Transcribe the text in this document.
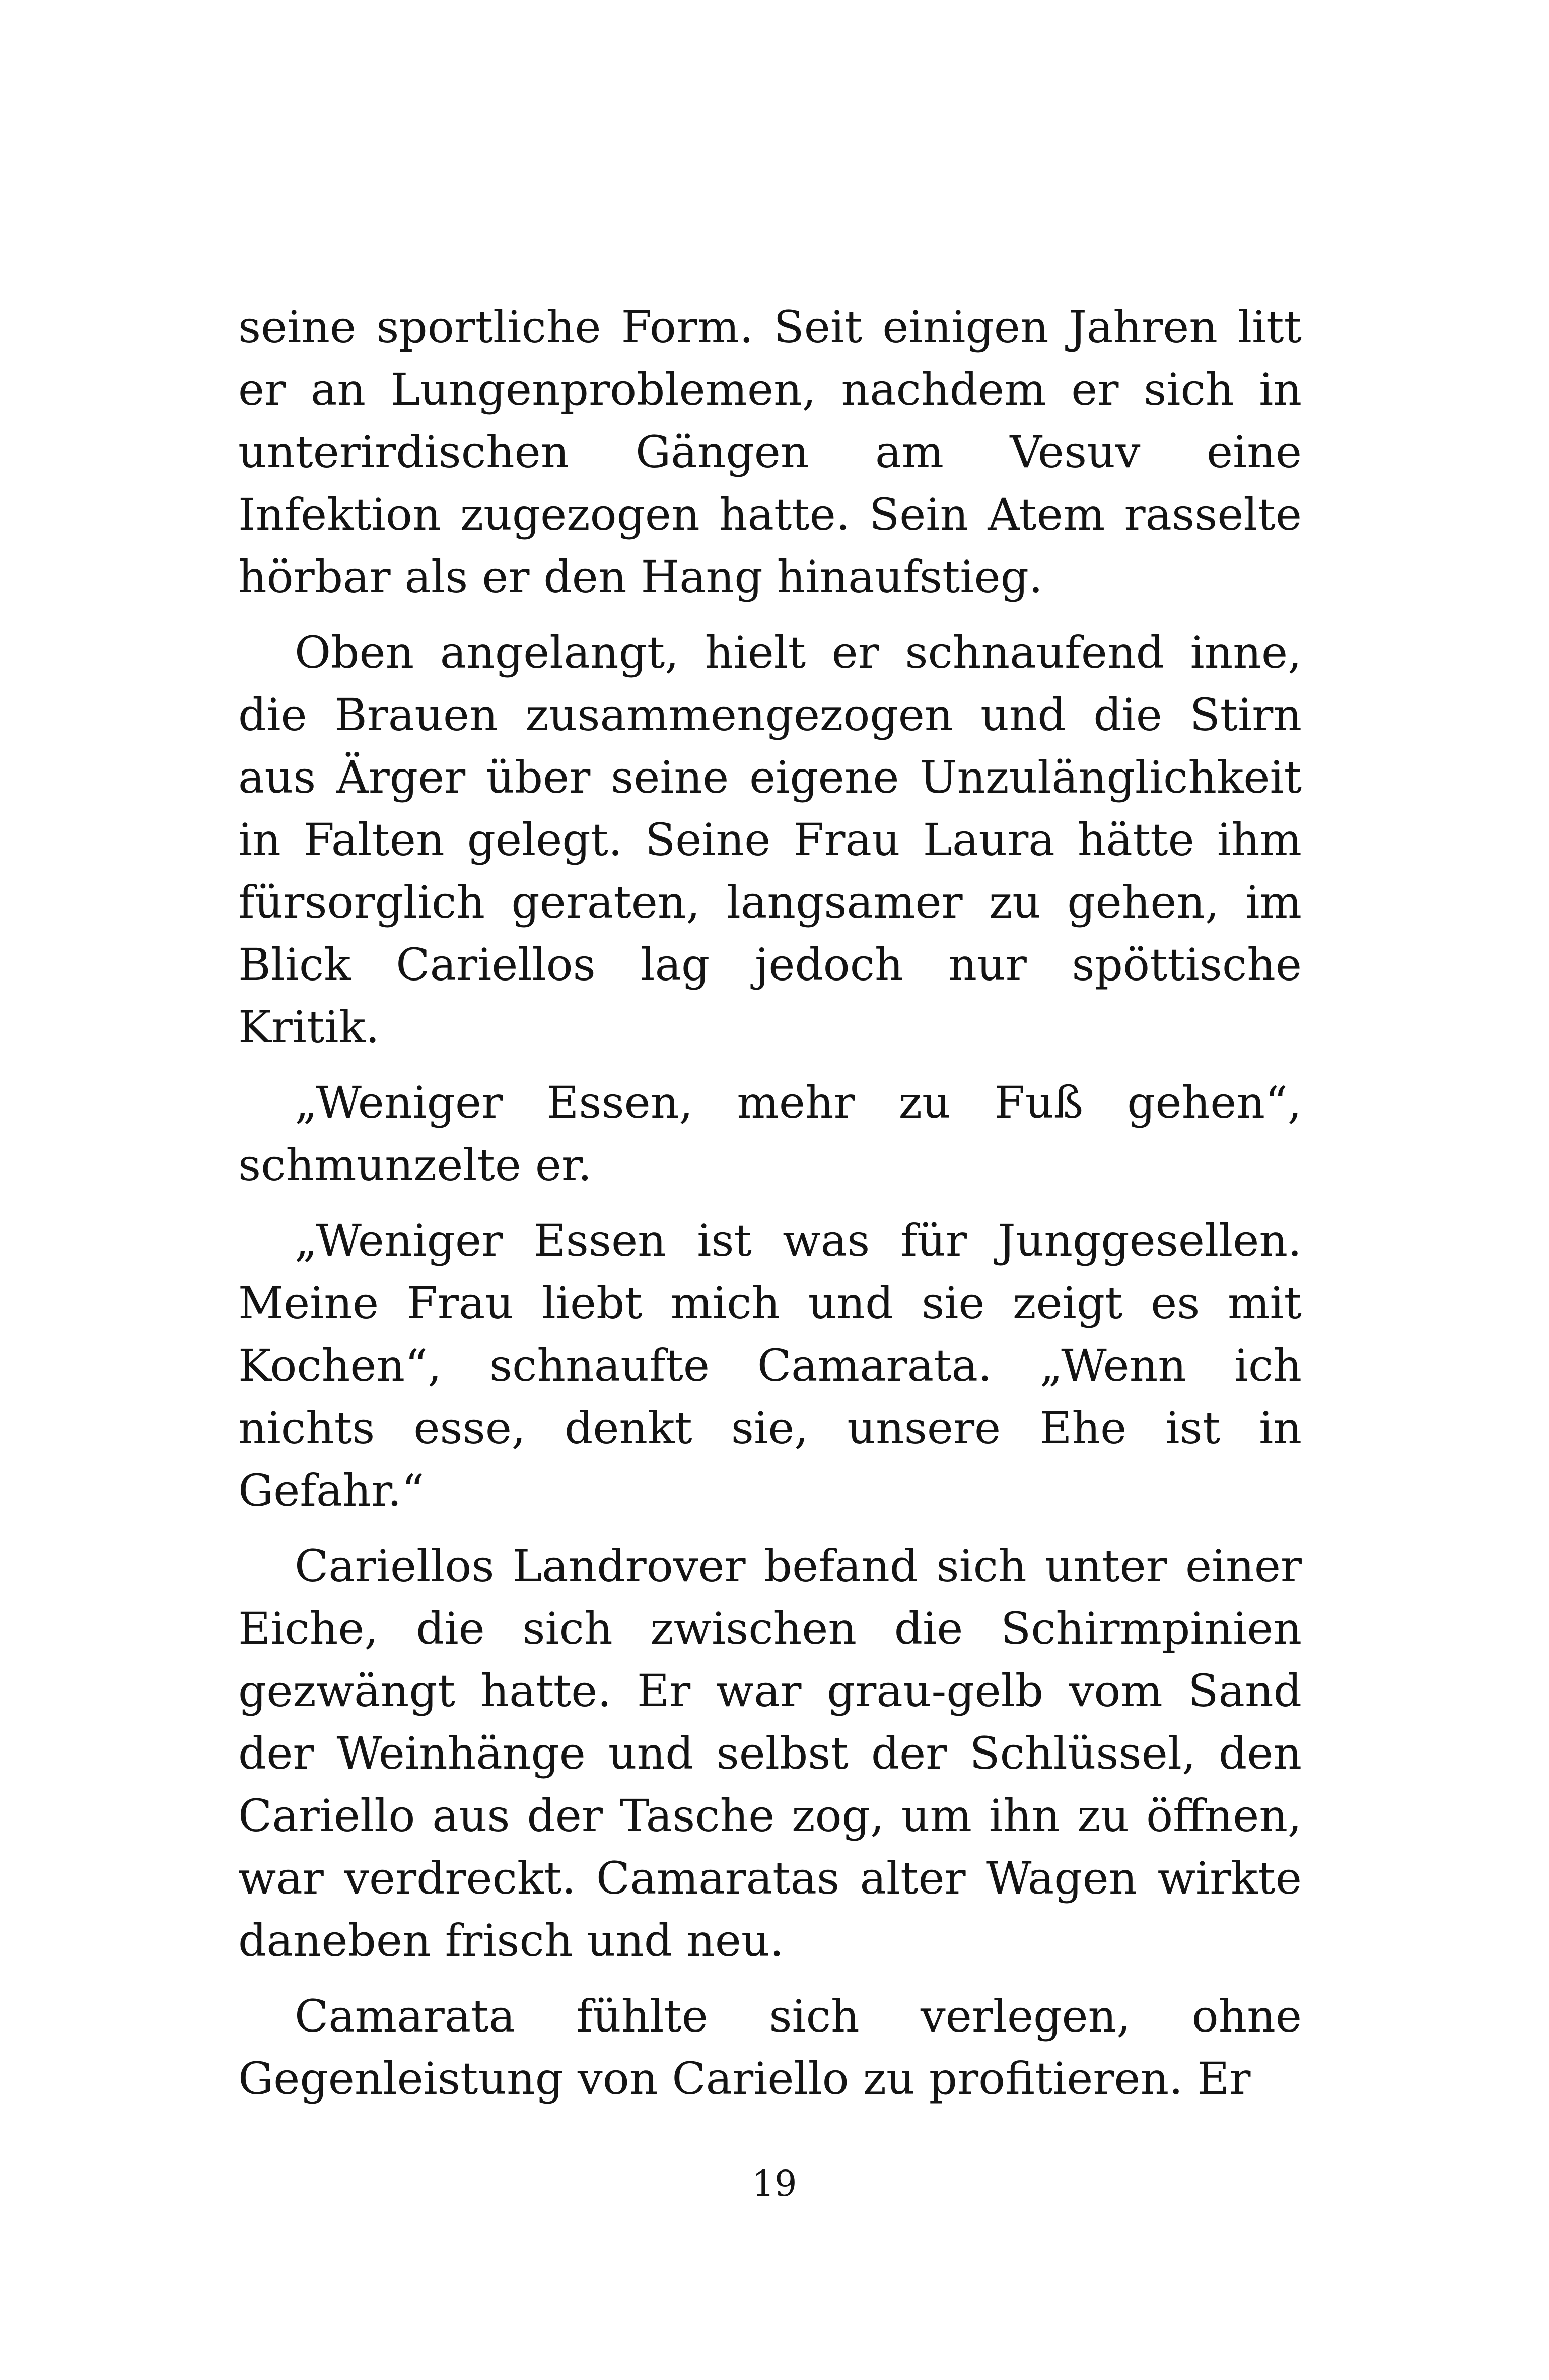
seine sportliche Form. Seit einigen Jahren litt er an Lungenproblemen, nachdem er sich in unterirdischen Gängen am Vesuv eine Infektion zugezogen hatte. Sein Atem rasselte hörbar als er den Hang hinaufstieg.

Oben angelangt, hielt er schnaufend inne, die Brauen zusammengezogen und die Stirn aus Ärger über seine eigene Unzulänglichkeit in Falten gelegt. Seine Frau Laura hätte ihm fürsorglich geraten, langsamer zu gehen, im Blick Cariellos lag jedoch nur spöttische Kritik.

„Weniger Essen, mehr zu Fuß gehen“, schmunzelte er.

„Weniger Essen ist was für Junggesellen. Meine Frau liebt mich und sie zeigt es mit Kochen“, schnaufte Camarata. „Wenn ich nichts esse, denkt sie, unsere Ehe ist in Gefahr.“

Cariellos Landrover befand sich unter einer Eiche, die sich zwischen die Schirmpinien gezwängt hatte. Er war grau-gelb vom Sand der Weinhänge und selbst der Schlüssel, den Cariello aus der Tasche zog, um ihn zu öffnen, war verdreckt. Camaratas alter Wagen wirkte daneben frisch und neu.

Camarata fühlte sich verlegen, ohne Gegenleistung von Cariello zu profitieren. Er

19
